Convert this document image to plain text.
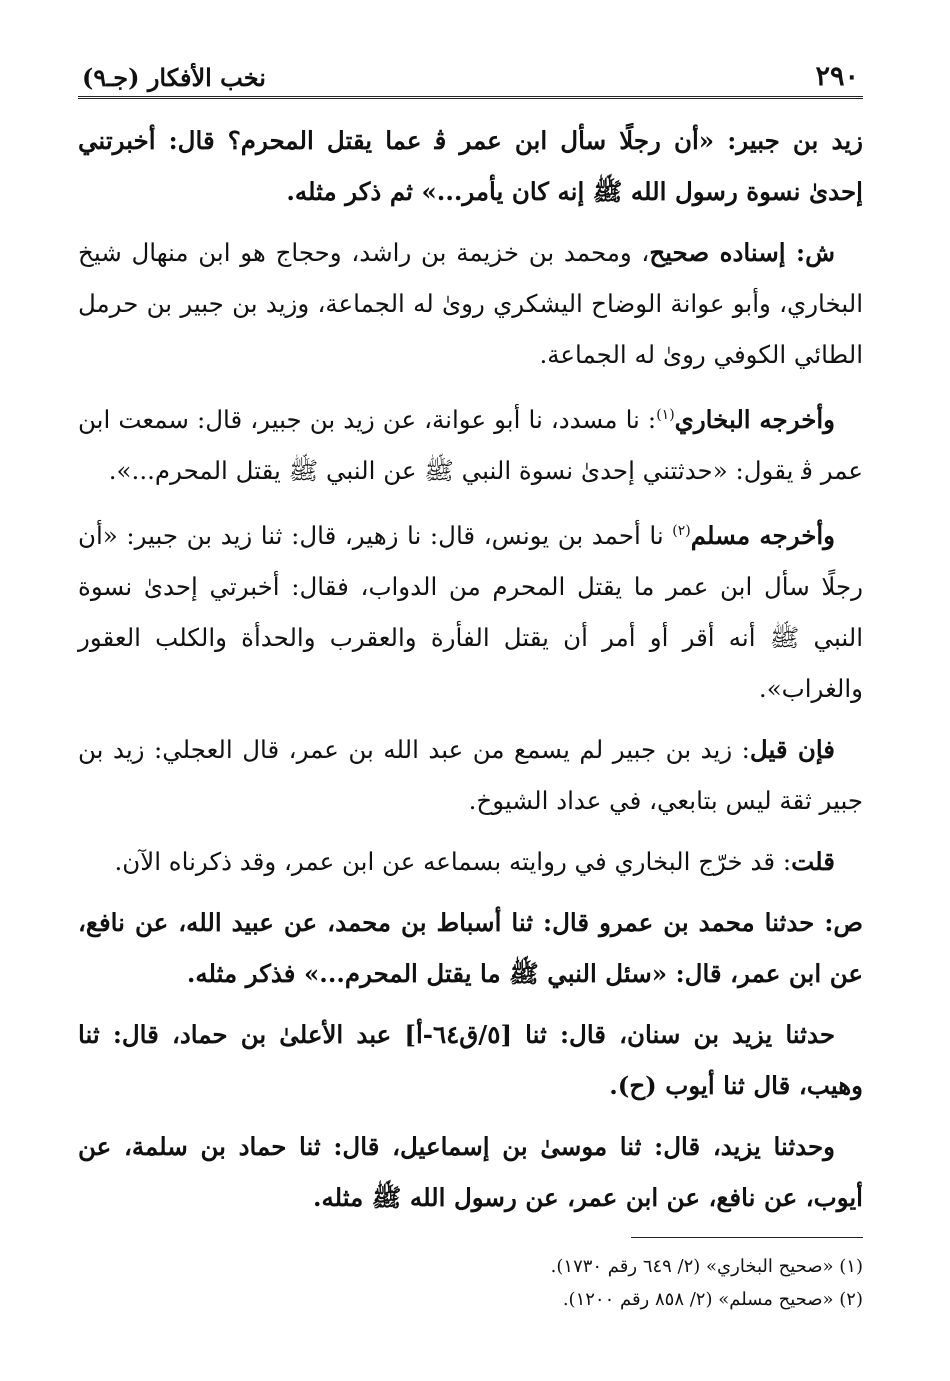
٢٩٠
نخب الأفكار (جـ٩)

زيد بن جبير: «أن رجلًا سأل ابن عمر ﭬ عما يقتل المحرم؟ قال: أخبرتني إحدىٰ نسوة رسول الله ﷺ إنه كان يأمر...» ثم ذكر مثله.

ش: إسناده صحيح، ومحمد بن خزيمة بن راشد، وحجاج هو ابن منهال شيخ البخاري، وأبو عوانة الوضاح اليشكري روىٰ له الجماعة، وزيد بن جبير بن حرمل الطائي الكوفي روىٰ له الجماعة.

وأخرجه البخاري$^{(١)}$: نا مسدد، نا أبو عوانة، عن زيد بن جبير، قال: سمعت ابن عمر ﭬ يقول: «حدثتني إحدىٰ نسوة النبي ﷺ عن النبي ﷺ يقتل المحرم...».

وأخرجه مسلم$^{(٢)}$ نا أحمد بن يونس، قال: نا زهير، قال: ثنا زيد بن جبير: «أن رجلًا سأل ابن عمر ما يقتل المحرم من الدواب، فقال: أخبرتي إحدىٰ نسوة النبي ﷺ أنه أقر أو أمر أن يقتل الفأرة والعقرب والحدأة والكلب العقور والغراب».

فإن قيل: زيد بن جبير لم يسمع من عبد الله بن عمر، قال العجلي: زيد بن جبير ثقة ليس بتابعي، في عداد الشيوخ.

قلت: قد خرّج البخاري في روايته بسماعه عن ابن عمر، وقد ذكرناه الآن.

ص: حدثنا محمد بن عمرو قال: ثنا أسباط بن محمد، عن عبيد الله، عن نافع، عن ابن عمر، قال: «سئل النبي ﷺ ما يقتل المحرم...» فذكر مثله.

حدثنا يزيد بن سنان، قال: ثنا [٥/ق٦٤-أ] عبد الأعلىٰ بن حماد، قال: ثنا وهيب، قال ثنا أيوب (ح).

وحدثنا يزيد، قال: ثنا موسىٰ بن إسماعيل، قال: ثنا حماد بن سلمة، عن أيوب، عن نافع، عن ابن عمر، عن رسول الله ﷺ مثله.

(١) «صحيح البخاري» (٢/ ٦٤٩ رقم ١٧٣٠).

(٢) «صحيح مسلم» (٢/ ٨٥٨ رقم ١٢٠٠).
